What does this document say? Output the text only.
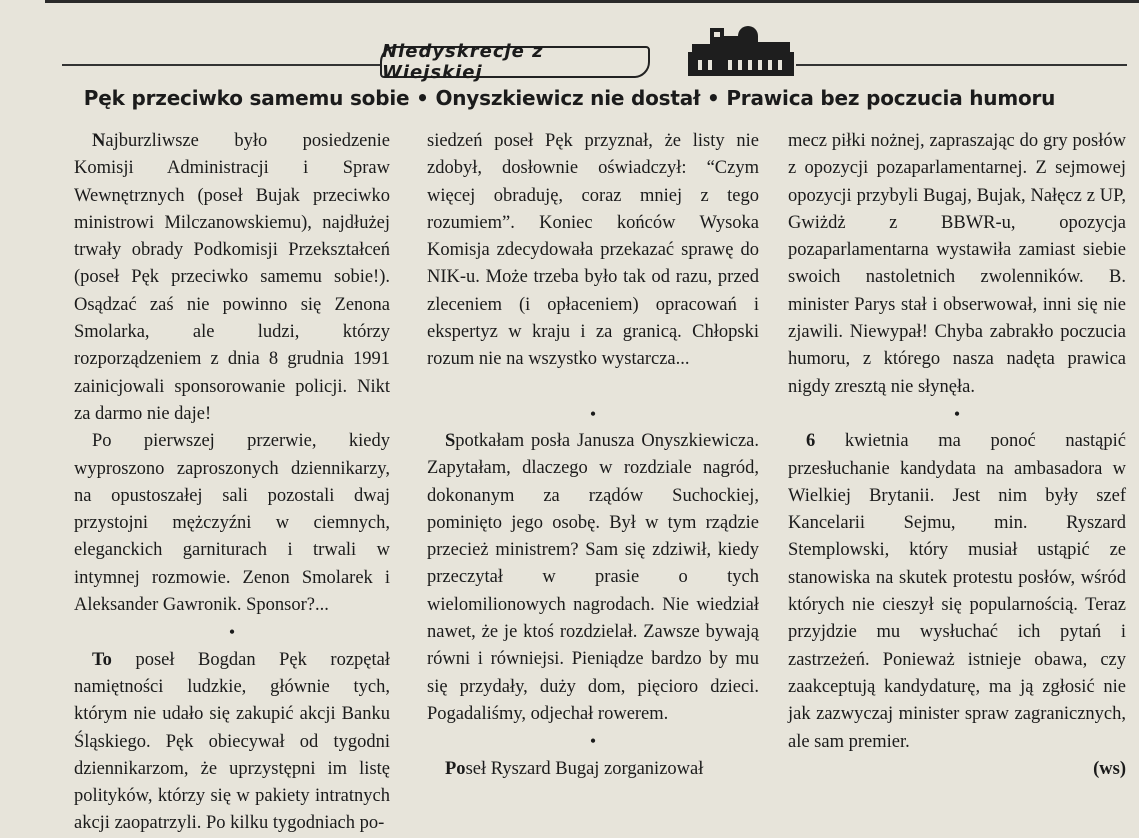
Niedyskrecje z Wiejskiej
Pęk przeciwko samemu sobie • Onyszkiewicz nie dostał • Prawica bez poczucia humoru

Najburzliwsze było posiedzenie Komisji Administracji i Spraw Wewnętrznych (poseł Bujak przeciwko ministrowi Milczanowskiemu), najdłużej trwały obrady Podkomisji Przekształceń (poseł Pęk przeciwko samemu sobie!). Osądzać zaś nie powinno się Zenona Smolarka, ale ludzi, którzy rozporządzeniem z dnia 8 grudnia 1991 zainicjowali sponsorowanie policji. Nikt za darmo nie daje!

Po pierwszej przerwie, kiedy wyproszono zaproszonych dziennikarzy, na opustoszałej sali pozostali dwaj przystojni mężczyźni w ciemnych, eleganckich garniturach i trwali w intymnej rozmowie. Zenon Smolarek i Aleksander Gawronik. Sponsor?...

•

To poseł Bogdan Pęk rozpętał namiętności ludzkie, głównie tych, którym nie udało się zakupić akcji Banku Śląskiego. Pęk obiecywał od tygodni dziennikarzom, że uprzystępni im listę polityków, którzy się w pakiety intratnych akcji zaopatrzyli. Po kilku tygodniach po-

siedzeń poseł Pęk przyznał, że listy nie zdobył, dosłownie oświadczył: “Czym więcej obraduję, coraz mniej z tego rozumiem”. Koniec końców Wysoka Komisja zdecydowała przekazać sprawę do NIK-u. Może trzeba było tak od razu, przed zleceniem (i opłaceniem) opracowań i ekspertyz w kraju i za granicą. Chłopski rozum nie na wszystko wystarcza...

•

Spotkałam posła Janusza Onyszkiewicza. Zapytałam, dlaczego w rozdziale nagród, dokonanym za rządów Suchockiej, pominięto jego osobę. Był w tym rządzie przecież ministrem? Sam się zdziwił, kiedy przeczytał w prasie o tych wielomilionowych nagrodach. Nie wiedział nawet, że je ktoś rozdzielał. Zawsze bywają równi i równiejsi. Pieniądze bardzo by mu się przydały, duży dom, pięcioro dzieci. Pogadaliśmy, odjechał rowerem.

•

Poseł Ryszard Bugaj zorganizował

mecz piłki nożnej, zapraszając do gry posłów z opozycji pozaparlamentarnej. Z sejmowej opozycji przybyli Bugaj, Bujak, Nałęcz z UP, Gwiżdż z BBWR-u, opozycja pozaparlamentarna wystawiła zamiast siebie swoich nastoletnich zwolenników. B. minister Parys stał i obserwował, inni się nie zjawili. Niewypał! Chyba zabrakło poczucia humoru, z którego nasza nadęta prawica nigdy zresztą nie słynęła.

•

6 kwietnia ma ponoć nastąpić przesłuchanie kandydata na ambasadora w Wielkiej Brytanii. Jest nim były szef Kancelarii Sejmu, min. Ryszard Stemplowski, który musiał ustąpić ze stanowiska na skutek protestu posłów, wśród których nie cieszył się popularnością. Teraz przyjdzie mu wysłuchać ich pytań i zastrzeżeń. Ponieważ istnieje obawa, czy zaakceptują kandydaturę, ma ją zgłosić nie jak zazwyczaj minister spraw zagranicznych, ale sam premier.

(ws)
